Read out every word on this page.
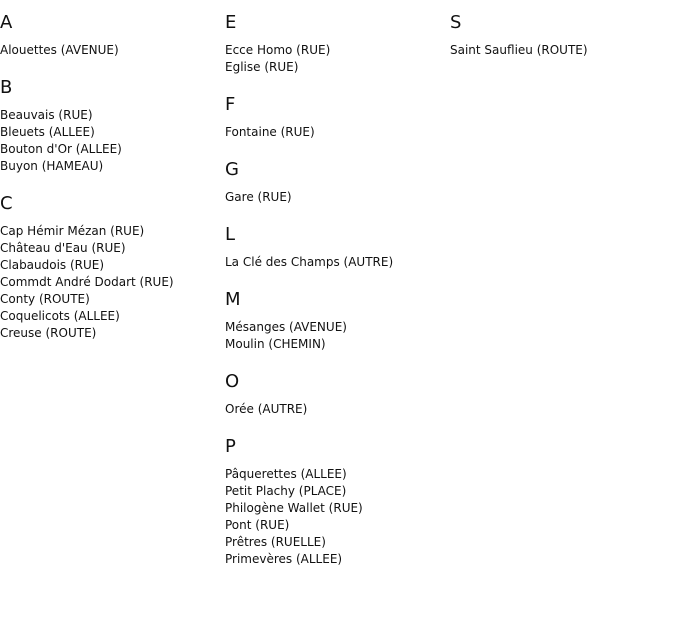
A
Alouettes (AVENUE)
B
Beauvais (RUE)
Bleuets (ALLEE)
Bouton d'Or (ALLEE)
Buyon (HAMEAU)
C
Cap Hémir Mézan (RUE)
Château d'Eau (RUE)
Clabaudois (RUE)
Commdt André Dodart (RUE)
Conty (ROUTE)
Coquelicots (ALLEE)
Creuse (ROUTE)
E
Ecce Homo (RUE)
Eglise (RUE)
F
Fontaine (RUE)
G
Gare (RUE)
L
La Clé des Champs (AUTRE)
M
Mésanges (AVENUE)
Moulin (CHEMIN)
O
Orée (AUTRE)
P
Pâquerettes (ALLEE)
Petit Plachy (PLACE)
Philogène Wallet (RUE)
Pont (RUE)
Prêtres (RUELLE)
Primevères (ALLEE)
S
Saint Sauflieu (ROUTE)
